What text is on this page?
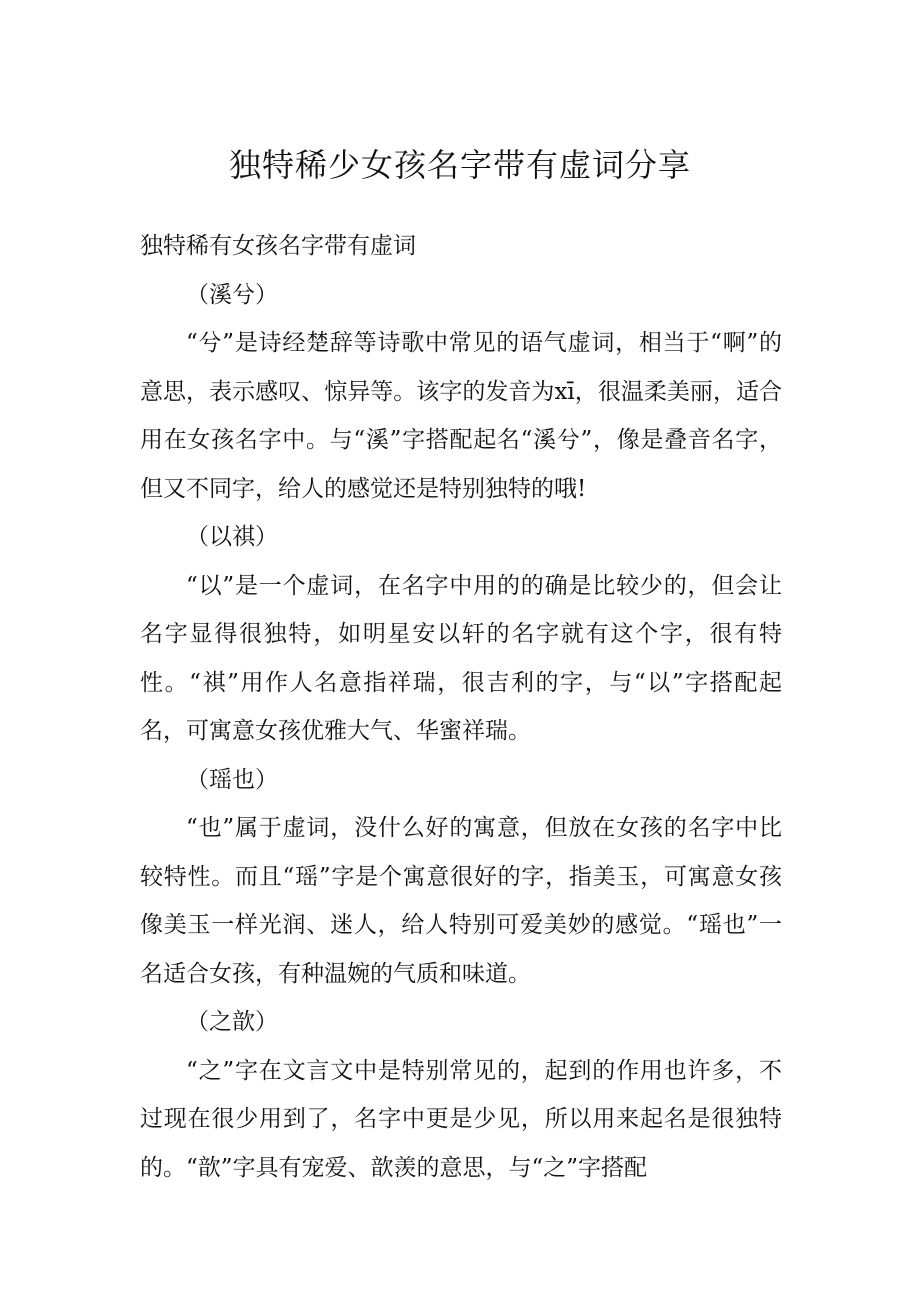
独特稀少女孩名字带有虚词分享

独特稀有女孩名字带有虚词

（溪兮）

“兮”是诗经楚辞等诗歌中常见的语气虚词，相当于“啊”的意思，表示感叹、惊异等。该字的发音为xī，很温柔美丽，适合用在女孩名字中。与“溪”字搭配起名“溪兮”，像是叠音名字，但又不同字，给人的感觉还是特别独特的哦!

（以祺）

“以”是一个虚词，在名字中用的的确是比较少的，但会让名字显得很独特，如明星安以轩的名字就有这个字，很有特性。“祺”用作人名意指祥瑞，很吉利的字，与“以”字搭配起名，可寓意女孩优雅大气、华蜜祥瑞。

（瑶也）

“也”属于虚词，没什么好的寓意，但放在女孩的名字中比较特性。而且“瑶”字是个寓意很好的字，指美玉，可寓意女孩像美玉一样光润、迷人，给人特别可爱美妙的感觉。“瑶也”一名适合女孩，有种温婉的气质和味道。

（之歆）

“之”字在文言文中是特别常见的，起到的作用也许多，不过现在很少用到了，名字中更是少见，所以用来起名是很独特的。“歆”字具有宠爱、歆羡的意思，与“之”字搭配
